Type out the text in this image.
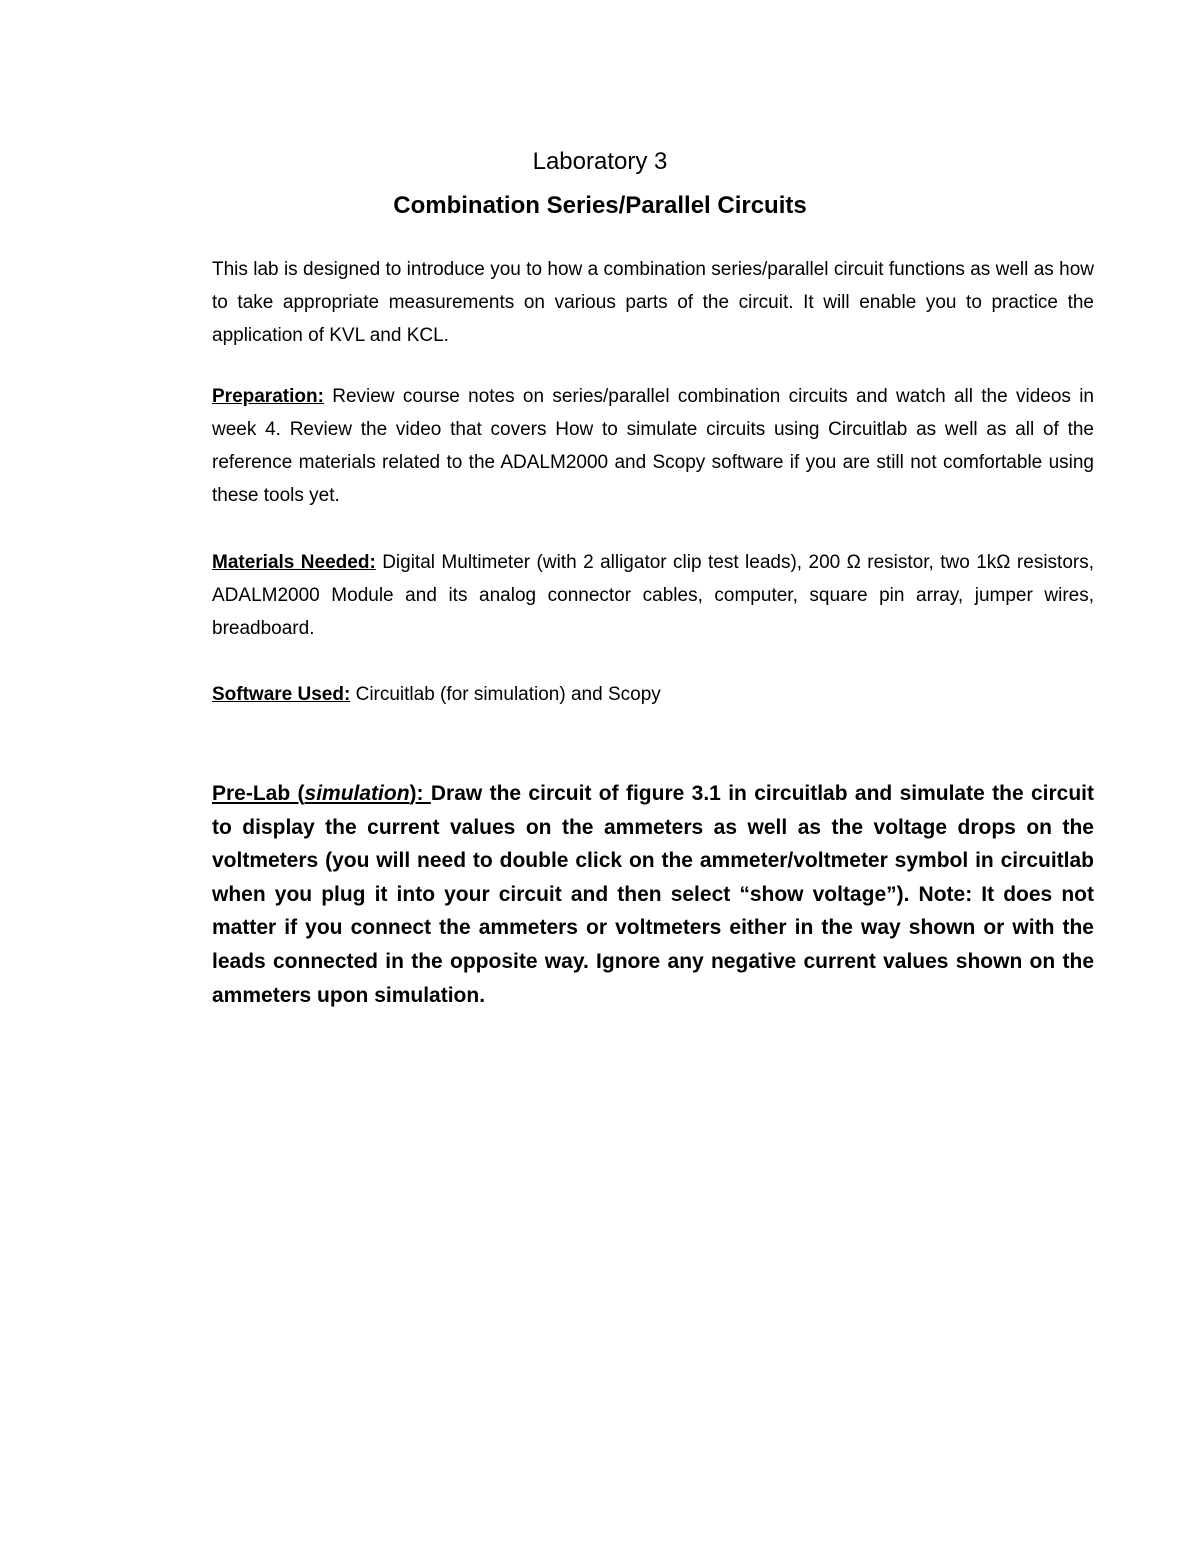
Laboratory 3
Combination Series/Parallel Circuits

This lab is designed to introduce you to how a combination series/parallel circuit functions as well as how to take appropriate measurements on various parts of the circuit. It will enable you to practice the application of KVL and KCL.

Preparation: Review course notes on series/parallel combination circuits and watch all the videos in week 4. Review the video that covers How to simulate circuits using Circuitlab as well as all of the reference materials related to the ADALM2000 and Scopy software if you are still not comfortable using these tools yet.

Materials Needed: Digital Multimeter (with 2 alligator clip test leads), 200 Ω resistor, two 1kΩ resistors, ADALM2000 Module and its analog connector cables, computer, square pin array, jumper wires, breadboard.

Software Used: Circuitlab (for simulation) and Scopy

Pre-Lab (simulation): Draw the circuit of figure 3.1 in circuitlab and simulate the circuit to display the current values on the ammeters as well as the voltage drops on the voltmeters (you will need to double click on the ammeter/voltmeter symbol in circuitlab when you plug it into your circuit and then select “show voltage”). Note: It does not matter if you connect the ammeters or voltmeters either in the way shown or with the leads connected in the opposite way. Ignore any negative current values shown on the ammeters upon simulation.
